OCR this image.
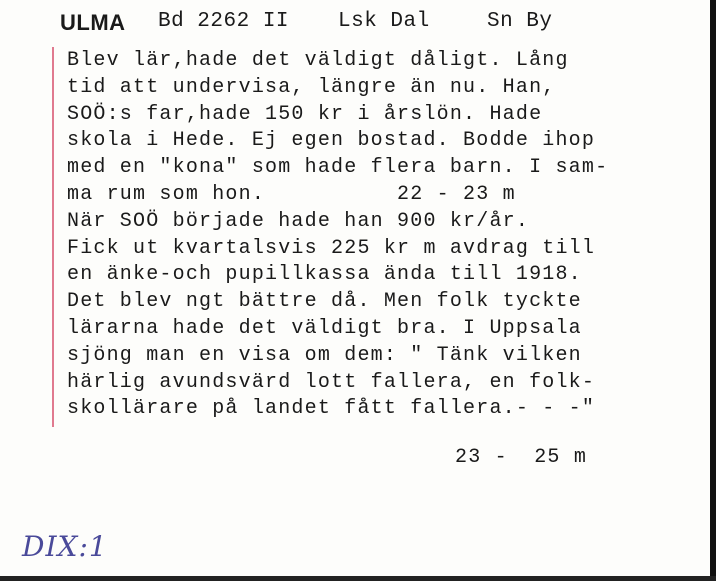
ULMA Bd 2262 II Lsk Dal	Sn By
Blev lär,hade det väldigt dåligt. Lång
tid att undervisa, längre än nu. Han,
SOÖ:s far,hade 150 kr i årslön. Hade
skola i Hede. Ej egen bostad. Bodde ihop
med en "kona" som hade flera barn. I sam-
ma rum som hon.          22 - 23 m
När SOÖ började hade han 900 kr/år.
Fick ut kvartalsvis 225 kr m avdrag till
en änke-och pupillkassa ända till 1918.
Det blev ngt bättre då. Men folk tyckte
lärarna hade det väldigt bra. I Uppsala
sjöng man en visa om dem: " Tänk vilken
härlig avundsvärd lott fallera, en folk-
skollärare på landet fått fallera.- - -"
23 -  25 m
DIX:1
